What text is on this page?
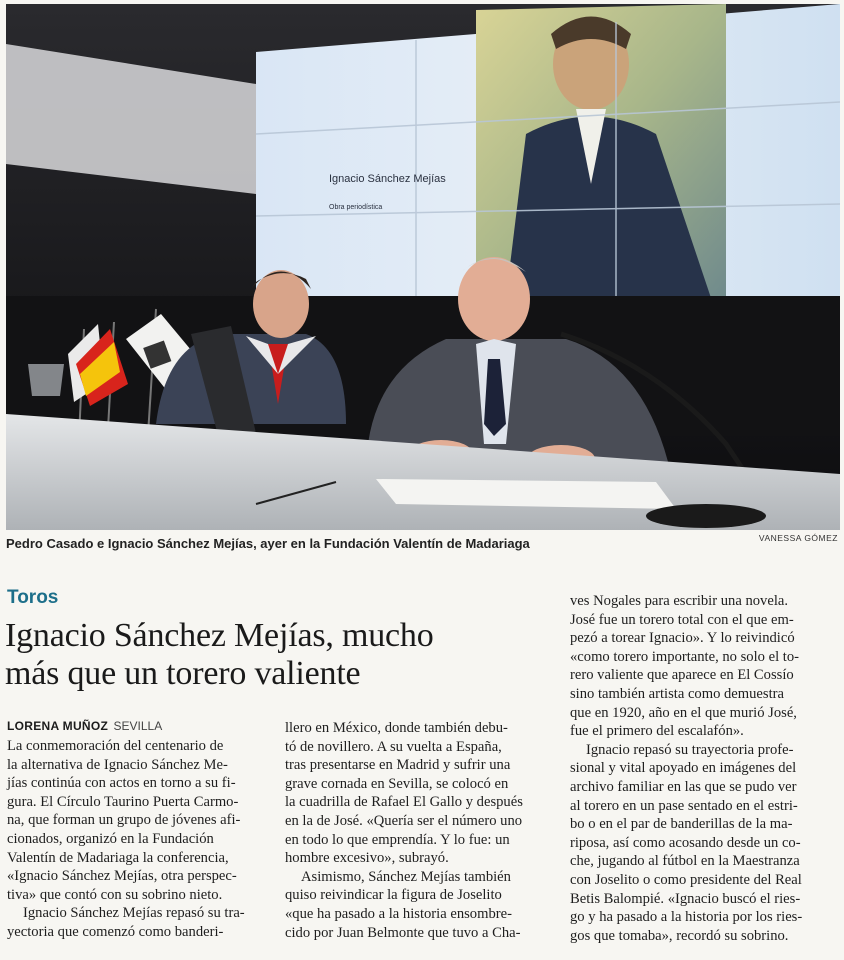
Ignacio Sánchez Mejías
Obra periodística
Pedro Casado e Ignacio Sánchez Mejías, ayer en la Fundación Valentín de Madariaga	VANESSA GÓMEZ
Toros
Ignacio Sánchez Mejías, mucho
más que un torero valiente
LORENA MUÑOZ SEVILLA
La conmemoración del centenario de
la alternativa de Ignacio Sánchez Me-
jías continúa con actos en torno a su fi-
gura. El Círculo Taurino Puerta Carmo-
na, que forman un grupo de jóvenes afi-
cionados, organizó en la Fundación
Valentín de Madariaga la conferencia,
«Ignacio Sánchez Mejías, otra perspec-
tiva» que contó con su sobrino nieto.
Ignacio Sánchez Mejías repasó su tra-
yectoria que comenzó como banderi-
llero en México, donde también debu-
tó de novillero. A su vuelta a España,
tras presentarse en Madrid y sufrir una
grave cornada en Sevilla, se colocó en
la cuadrilla de Rafael El Gallo y después
en la de José. «Quería ser el número uno
en todo lo que emprendía. Y lo fue: un
hombre excesivo», subrayó.
Asimismo, Sánchez Mejías también
quiso reivindicar la figura de Joselito
«que ha pasado a la historia ensombre-
cido por Juan Belmonte que tuvo a Cha-
ves Nogales para escribir una novela.
José fue un torero total con el que em-
pezó a torear Ignacio». Y lo reivindicó
«como torero importante, no solo el to-
rero valiente que aparece en El Cossío
sino también artista como demuestra
que en 1920, año en el que murió José,
fue el primero del escalafón».
Ignacio repasó su trayectoria profe-
sional y vital apoyado en imágenes del
archivo familiar en las que se pudo ver
al torero en un pase sentado en el estri-
bo o en el par de banderillas de la ma-
riposa, así como acosando desde un co-
che, jugando al fútbol en la Maestranza
con Joselito o como presidente del Real
Betis Balompié. «Ignacio buscó el ries-
go y ha pasado a la historia por los ries-
gos que tomaba», recordó su sobrino.
